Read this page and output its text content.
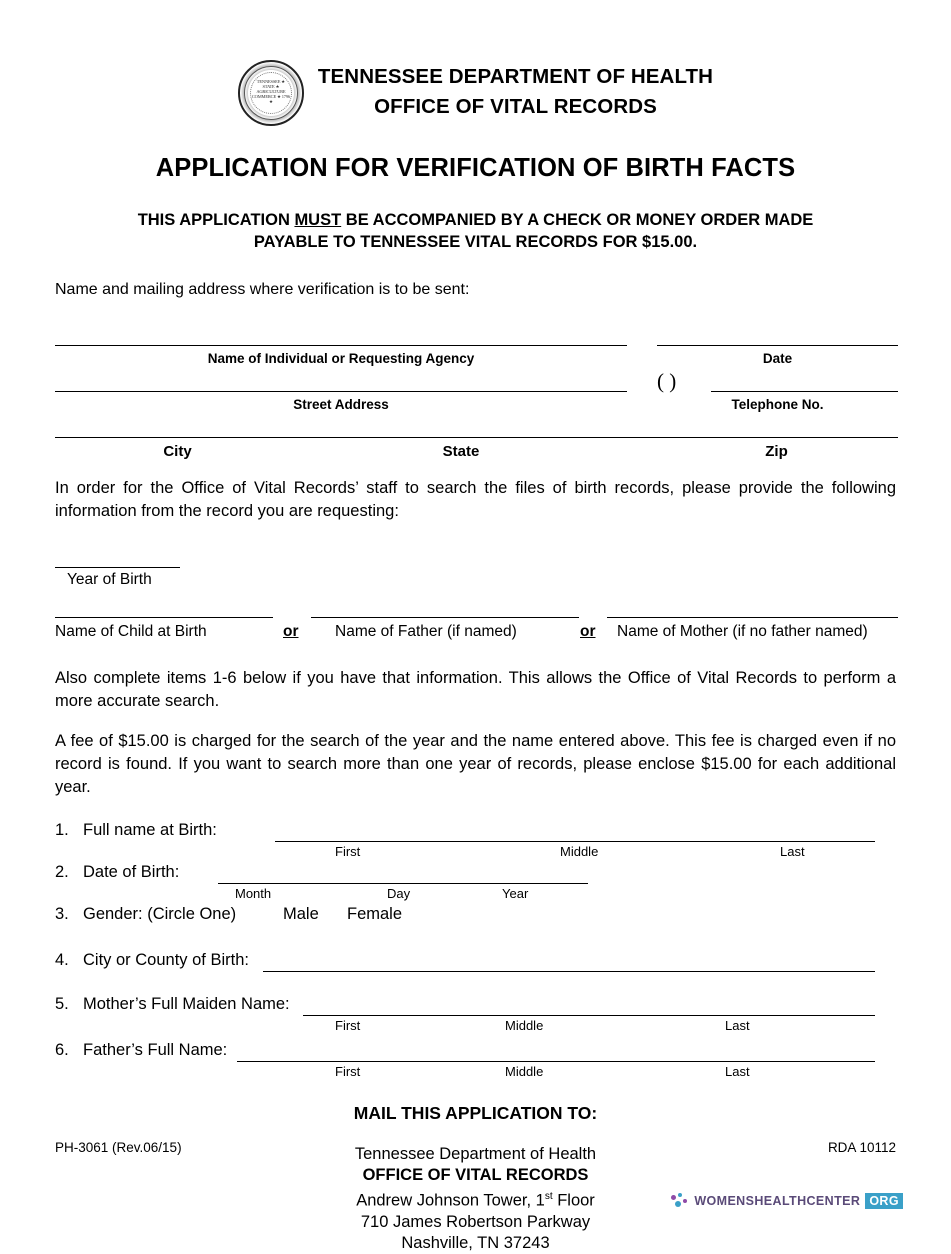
TENNESSEE ★ STATE ★ AGRICULTURE COMMERCE ★ 1796 ★
TENNESSEE DEPARTMENT OF HEALTH
OFFICE OF VITAL RECORDS
APPLICATION FOR VERIFICATION OF BIRTH FACTS
THIS APPLICATION MUST BE ACCOMPANIED BY A CHECK OR MONEY ORDER MADE
PAYABLE TO TENNESSEE VITAL RECORDS FOR $15.00.
Name and mailing address where verification is to be sent:
Name of Individual or Requesting Agency	Date
( )
Street Address	Telephone No.
City	State	Zip
In order for the Office of Vital Records’ staff to search the files of birth records, please provide the following information from the record you are requesting:
Year of Birth
Name of Child at Birth	or Name of Father (if named)	or Name of Mother (if no father named)
Also complete items 1-6 below if you have that information. This allows the Office of Vital Records to perform a more accurate search.
A fee of $15.00 is charged for the search of the year and the name entered above. This fee is charged even if no record is found. If you want to search more than one year of records, please enclose $15.00 for each additional year.
1. Full name at Birth:
First	Middle	Last
2. Date of Birth:
Month	Day	Year
3. Gender: (Circle One)	Male Female
4. City or County of Birth:
5. Mother’s Full Maiden Name:
First	Middle	Last
6. Father’s Full Name:
First	Middle	Last
MAIL THIS APPLICATION TO:
Tennessee Department of Health
OFFICE OF VITAL RECORDS
Andrew Johnson Tower, 1st Floor
710 James Robertson Parkway
Nashville, TN 37243
PH-3061 (Rev.06/15)	RDA 10112
WOMENSHEALTHCENTER ORG
